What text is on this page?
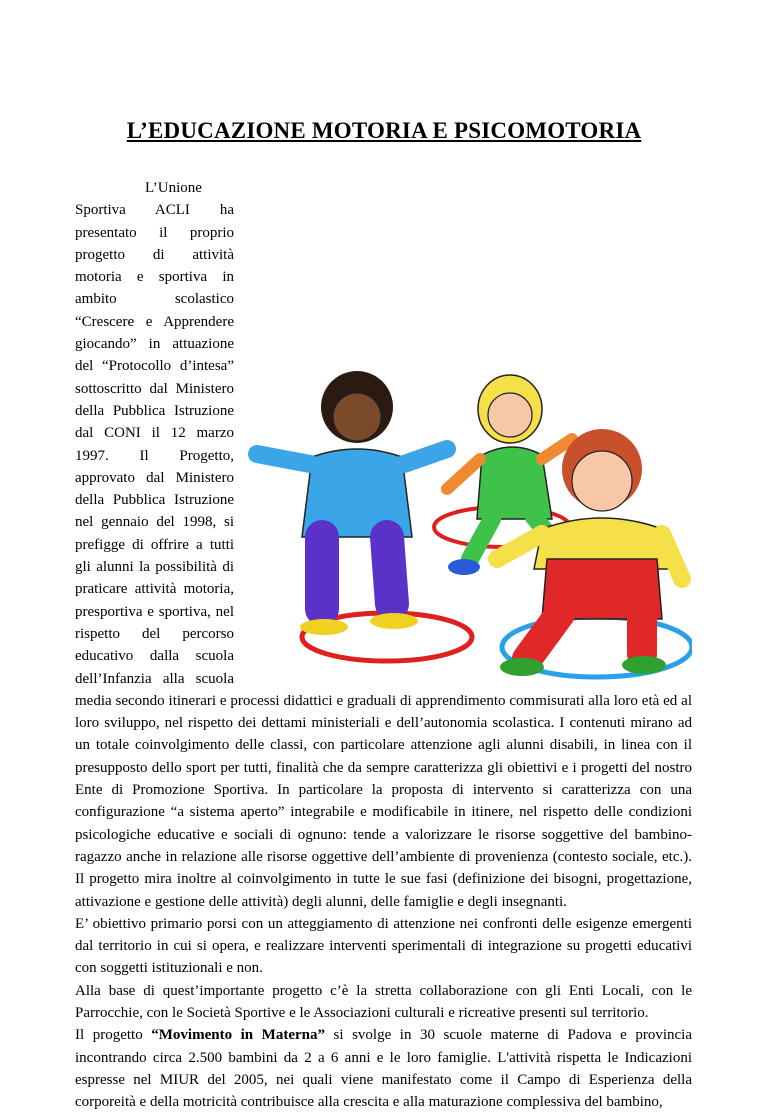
L’EDUCAZIONE MOTORIA E PSICOMOTORIA

L’Unione Sportiva ACLI ha presentato il proprio progetto di attività motoria e sportiva in ambito scolastico “Crescere e Apprendere giocando” in attuazione del “Protocollo d’intesa” sottoscritto dal Ministero della Pubblica Istruzione dal CONI il 12 marzo 1997. Il Progetto, approvato dal Ministero della Pubblica Istruzione nel gennaio del 1998, si prefigge di offrire a tutti gli alunni la possibilità di praticare attività motoria, presportiva e sportiva, nel rispetto del percorso educativo dalla scuola dell’Infanzia alla scuola media secondo itinerari e processi didattici e graduali di apprendimento commisurati alla loro età ed al loro sviluppo, nel rispetto dei dettami ministeriali e dell’autonomia scolastica. I contenuti mirano ad un totale coinvolgimento delle classi, con particolare attenzione agli alunni disabili, in linea con il presupposto dello sport per tutti, finalità che da sempre caratterizza gli obiettivi e i progetti del nostro Ente di Promozione Sportiva. In particolare la proposta di intervento si caratterizza con una configurazione “a sistema aperto” integrabile e modificabile in itinere, nel rispetto delle condizioni psicologiche educative e sociali di ognuno: tende a valorizzare le risorse soggettive del bambino-ragazzo anche in relazione alle risorse oggettive dell’ambiente di provenienza (contesto sociale, etc.). Il progetto mira inoltre al coinvolgimento in tutte le sue fasi (definizione dei bisogni, progettazione, attivazione e gestione delle attività) degli alunni, delle famiglie e degli insegnanti.

E’ obiettivo primario porsi con un atteggiamento di attenzione nei confronti delle esigenze emergenti dal territorio in cui si opera, e realizzare interventi sperimentali di integrazione su progetti educativi con soggetti istituzionali e non.

Alla base di quest’importante progetto c’è la stretta collaborazione con gli Enti Locali, con le Parrocchie, con le Società Sportive e le Associazioni culturali e ricreative presenti sul territorio.

Il progetto “Movimento in Materna” si svolge in 30 scuole materne di Padova e provincia incontrando circa 2.500 bambini da 2 a 6 anni e le loro famiglie. L'attività rispetta le Indicazioni espresse nel MIUR del 2005, nei quali viene manifestato come il Campo di Esperienza della corporeità e della motricità contribuisce alla crescita e alla maturazione complessiva del bambino,
